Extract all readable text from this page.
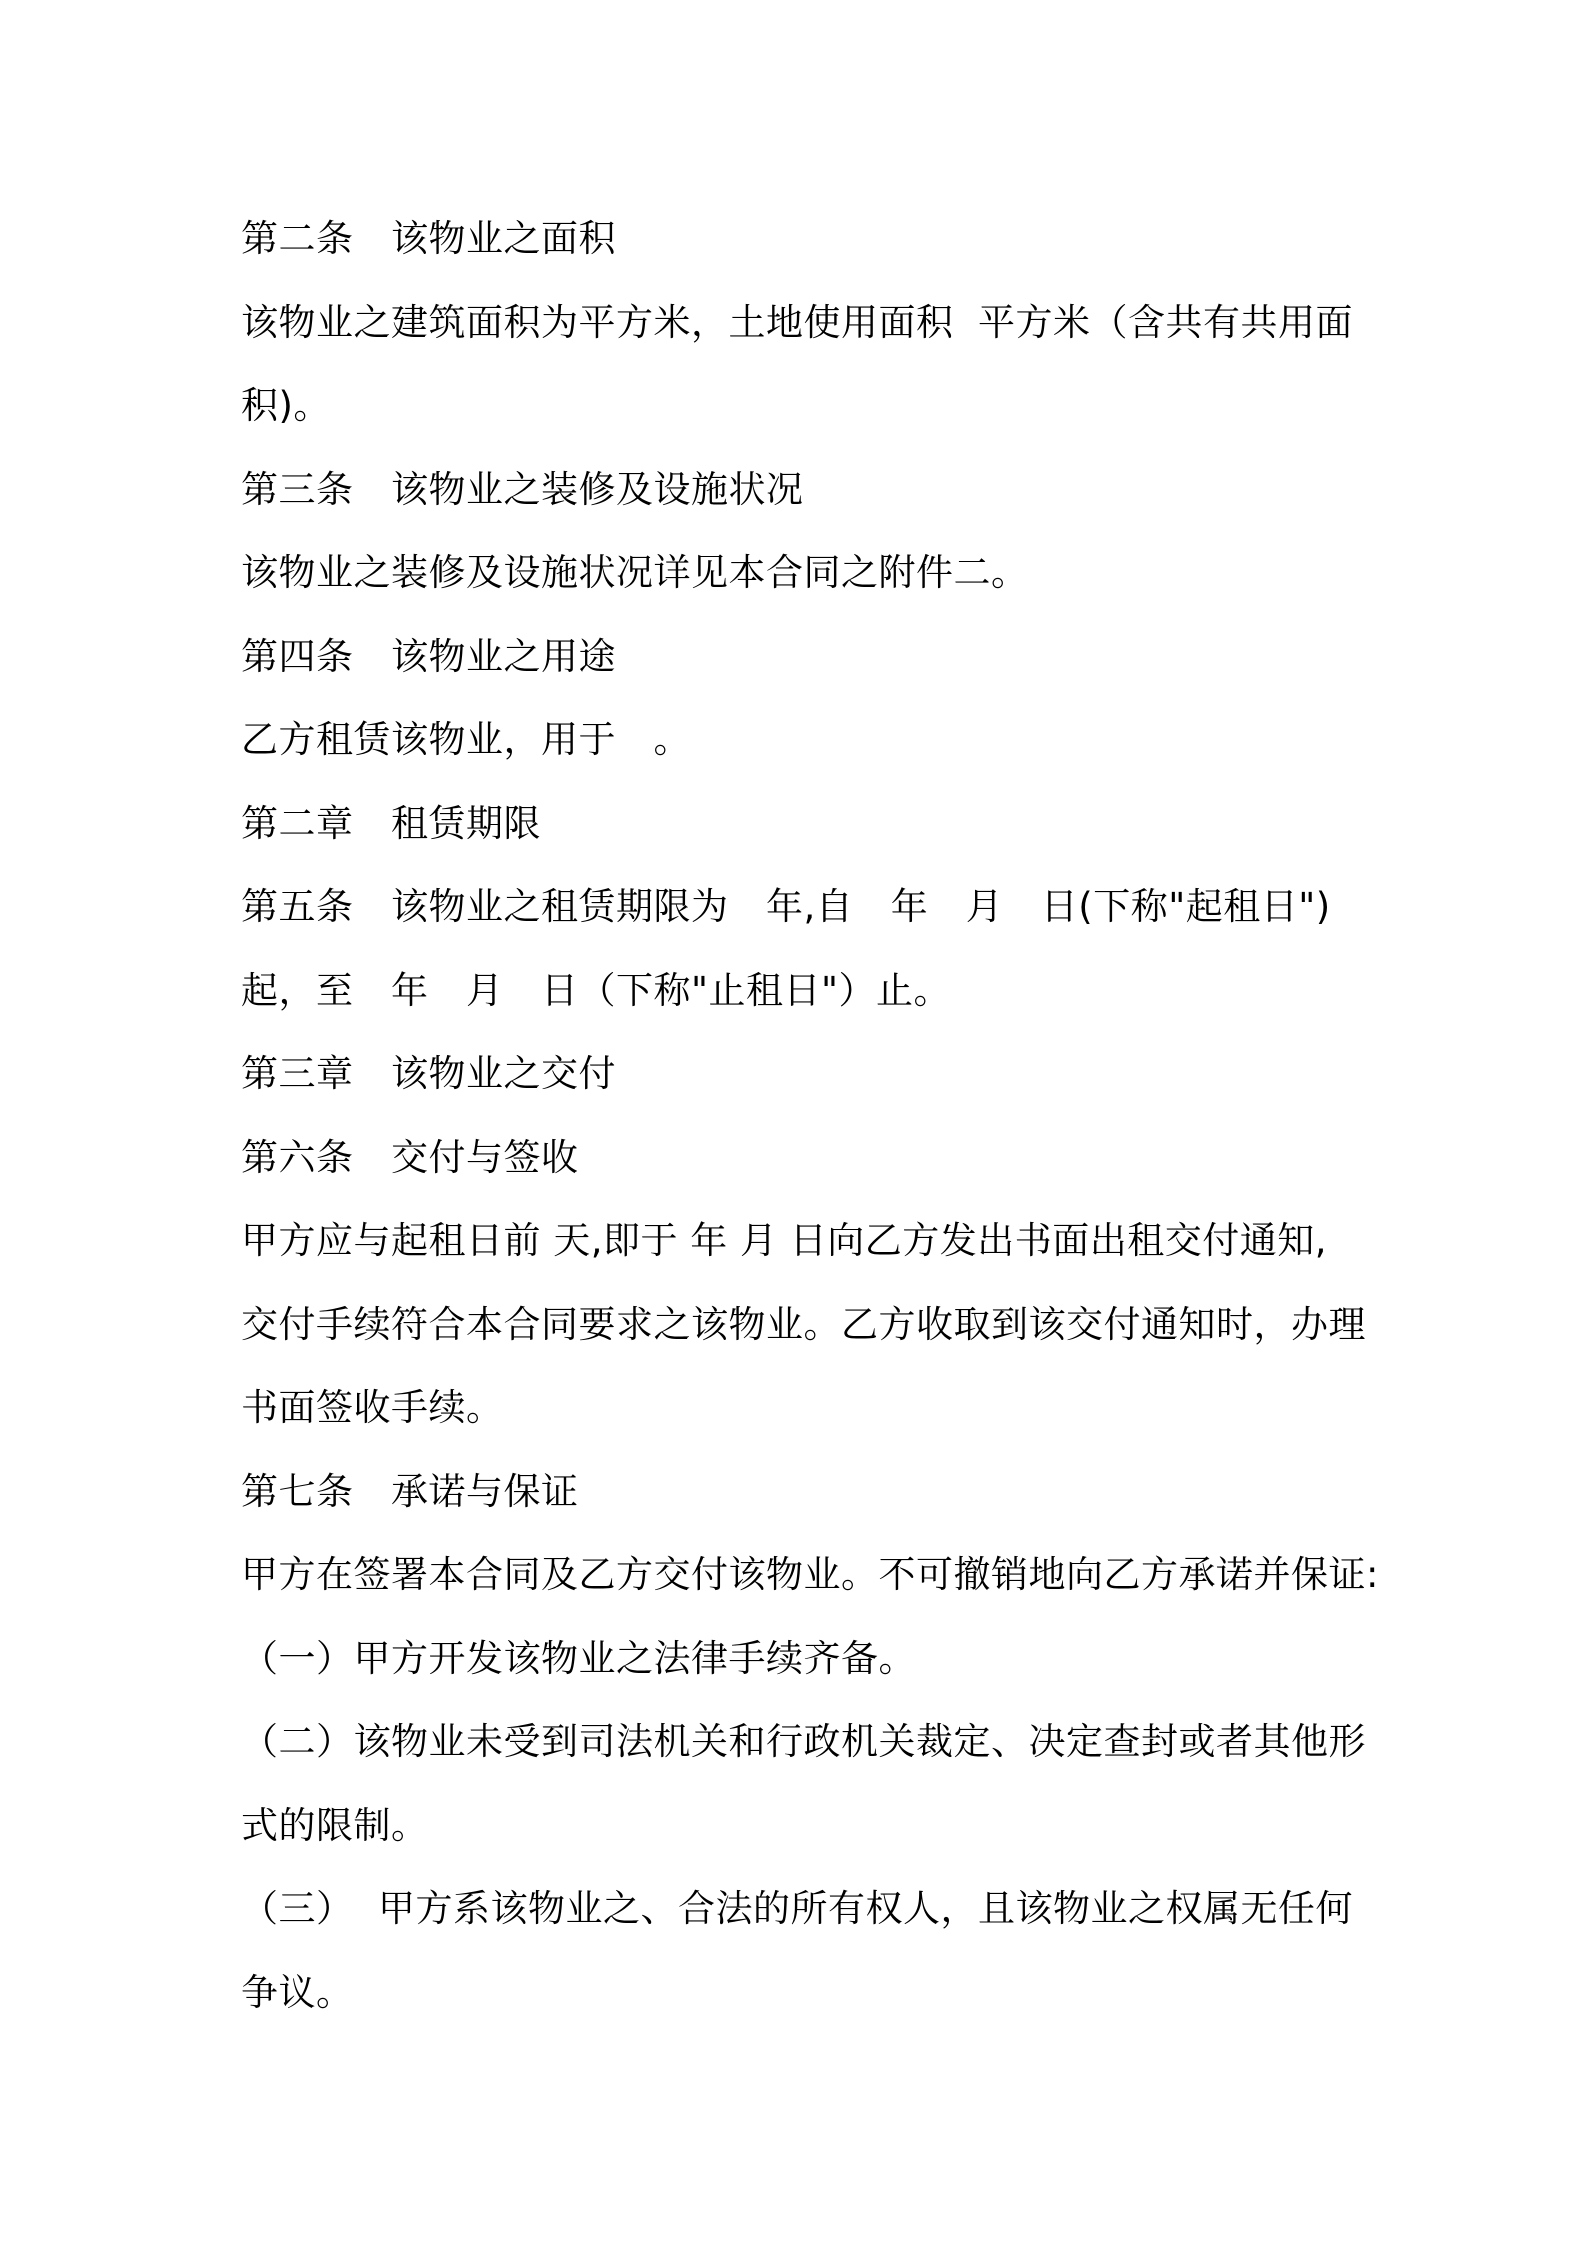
第二条　该物业之面积
该物业之建筑面积为平方米，土地使用面积  平方米（含共有共用面
积)。
第三条　该物业之装修及设施状况
该物业之装修及设施状况详见本合同之附件二。
第四条　该物业之用途
乙方租赁该物业，用于　。
第二章　租赁期限
第五条　该物业之租赁期限为　年,自　年　月　日(下称"起租日")
起，至　年　月　日（下称"止租日"）止。
第三章　该物业之交付
第六条　交付与签收
甲方应与起租日前 天,即于 年 月 日向乙方发出书面出租交付通知,
交付手续符合本合同要求之该物业。乙方收取到该交付通知时，办理
书面签收手续。
第七条　承诺与保证
甲方在签署本合同及乙方交付该物业。不可撤销地向乙方承诺并保证:
（一）甲方开发该物业之法律手续齐备。
（二）该物业未受到司法机关和行政机关裁定、决定查封或者其他形
式的限制。
（三）  甲方系该物业之、合法的所有权人，且该物业之权属无任何
争议。
